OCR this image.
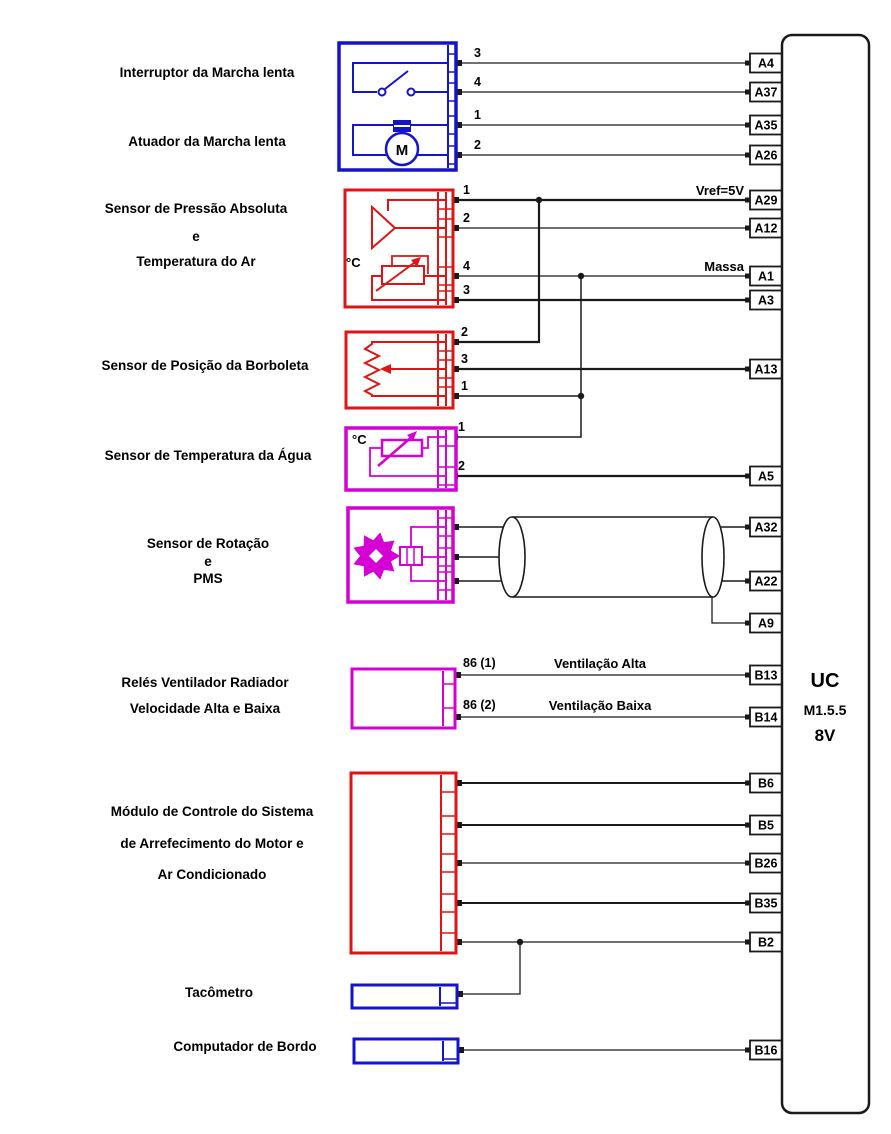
M
3
4
1
2
Interruptor da Marcha lenta
Atuador da Marcha lenta
°C
1
2
4
3
Sensor de Pressão Absoluta
e
Temperatura do Ar
2
3
1
Sensor de Posição da Borboleta
°C
1
2
Sensor de Temperatura da Água
Sensor de Rotação
e
PMS
86 (1)
86 (2)
Relés Ventilador Radiador
Velocidade Alta e Baixa
Módulo de Controle do Sistema
de Arrefecimento do Motor e
Ar Condicionado
Tacômetro
Computador de Bordo
Vref=5V
Massa
Ventilação Alta
Ventilação Baixa
A4
A37
A35
A26
A29
A12
A1
A3
A13
A5
A32
A22
A9
B13
B14
B6
B5
B26
B35
B2
B16
UC
M1.5.5
8V
